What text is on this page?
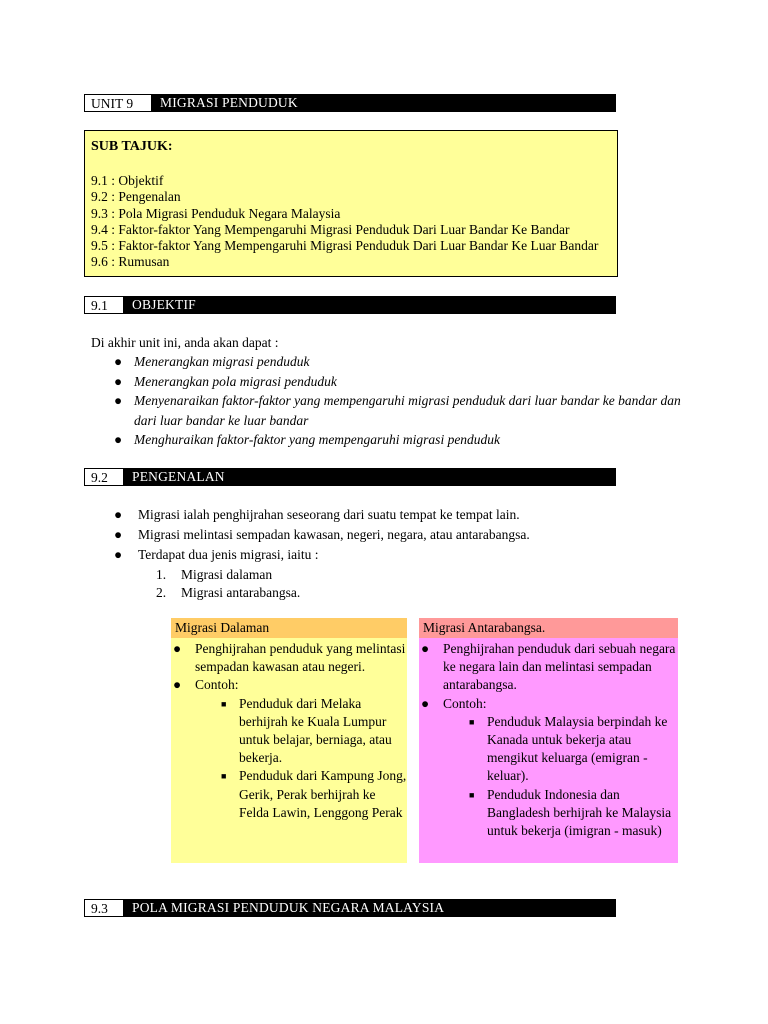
UNIT 9	MIGRASI PENDUDUK
SUB TAJUK:
9.1 : Objektif
9.2 : Pengenalan
9.3 : Pola Migrasi Penduduk Negara Malaysia
9.4 : Faktor-faktor Yang Mempengaruhi Migrasi Penduduk Dari Luar Bandar Ke Bandar
9.5 : Faktor-faktor Yang Mempengaruhi Migrasi Penduduk Dari Luar Bandar Ke Luar Bandar
9.6 : Rumusan
9.1	OBJEKTIF
Di akhir unit ini, anda akan dapat :
● Menerangkan migrasi penduduk
● Menerangkan pola migrasi penduduk
● Menyenaraikan faktor-faktor yang mempengaruhi migrasi penduduk dari luar bandar ke bandar dan dari luar bandar ke luar bandar
● Menghuraikan faktor-faktor yang mempengaruhi migrasi penduduk
9.2	PENGENALAN
● Migrasi ialah penghijrahan seseorang dari suatu tempat ke tempat lain.
● Migrasi melintasi sempadan kawasan, negeri, negara, atau antarabangsa.
● Terdapat dua jenis migrasi, iaitu :
1. Migrasi dalaman
2. Migrasi antarabangsa.
Migrasi Dalaman
● Penghijrahan penduduk yang melintasi sempadan kawasan atau negeri.
● Contoh:
■ Penduduk dari Melaka berhijrah ke Kuala Lumpur untuk belajar, berniaga, atau bekerja.
■ Penduduk dari Kampung Jong, Gerik, Perak berhijrah ke Felda Lawin, Lenggong Perak
Migrasi Antarabangsa.
● Penghijrahan penduduk dari sebuah negara ke negara lain dan melintasi sempadan antarabangsa.
● Contoh:
■ Penduduk Malaysia berpindah ke Kanada untuk bekerja atau mengikut keluarga (emigran - keluar).
■ Penduduk Indonesia dan Bangladesh berhijrah ke Malaysia untuk bekerja (imigran - masuk)
9.3	POLA MIGRASI PENDUDUK NEGARA MALAYSIA
